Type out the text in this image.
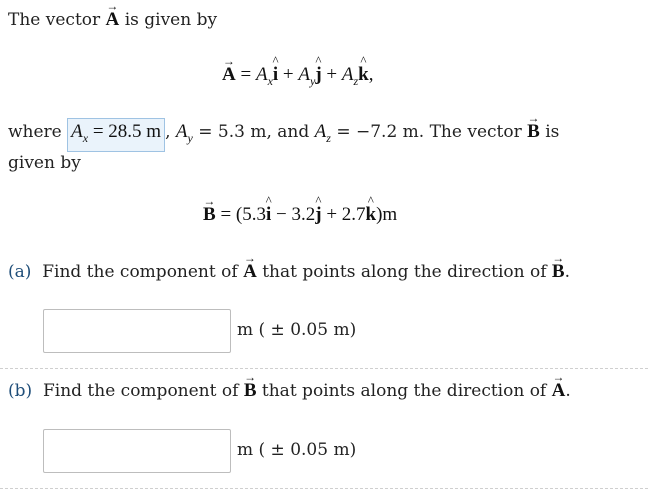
The vector
→
A is given by
→
$A = A_x$
^
$i + A_y$
^
$j + A_z$
^
k,
where $A_x = 28.5$ m , $A_y = 5.3$ m, and $A_z = -7.2$ m. The vector
→
B is
given by
→
B = (5.3
^
i − 3.2
^
j + 2.7
^
k)m
(a) Find the component of
→
A that points along the direction of
→
B.
m ( ± 0.05 m)
(b) Find the component of
→
B that points along the direction of
→
A.
m ( ± 0.05 m)
